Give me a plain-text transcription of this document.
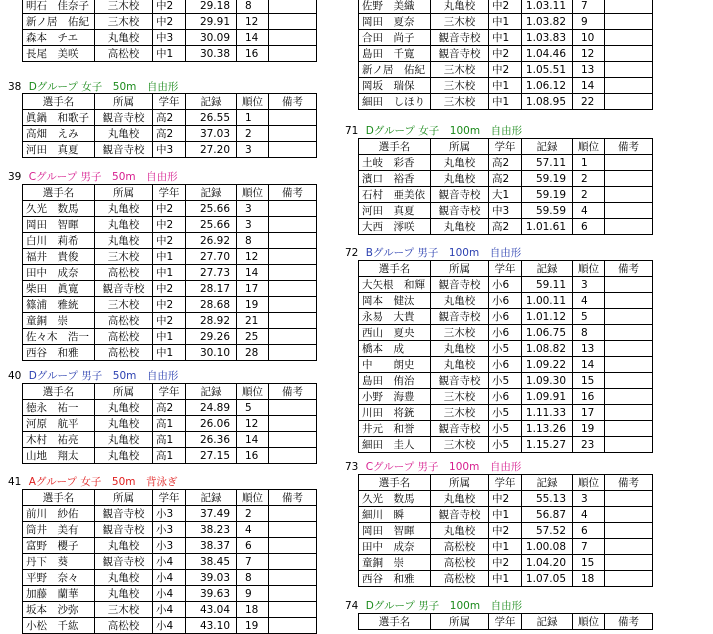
明石　佳奈子	三木校	中2	29.18	8	
新ノ居　佑紀	三木校	中2	29.91	12	
森本　チエ	丸亀校	中3	30.09	14	
長尾　美咲	高松校	中1	30.38	16	
38 Dグループ 女子　50m　自由形
選手名	所属	学年	記録	順位	備考
眞鍋　和歌子	観音寺校	高2	26.55	1	
高畑　えみ	丸亀校	高2	37.03	2	
河田　真夏	観音寺校	中3	27.20	3	
39 Cグループ 男子　50m　自由形
選手名	所属	学年	記録	順位	備考
久光　数馬	丸亀校	中2	25.66	3	
岡田　智暉	丸亀校	中2	25.66	3	
白川　莉希	丸亀校	中2	26.92	8	
福井　貴俊	三木校	中1	27.70	12	
田中　成奈	高松校	中1	27.73	14	
柴田　眞寛	観音寺校	中2	28.17	17	
篠浦　雅統	三木校	中2	28.68	19	
童銅　崇	高松校	中2	28.92	21	
佐々木　浩一	高松校	中1	29.26	25	
西谷　和雅	高松校	中1	30.10	28	
40 Dグループ 男子　50m　自由形
選手名	所属	学年	記録	順位	備考
徳永　祐一	丸亀校	高2	24.89	5	
河原　航平	丸亀校	高1	26.06	12	
木村　祐亮	丸亀校	高1	26.36	14	
山地　翔太	丸亀校	高1	27.15	16	
41 Aグループ 女子　50m　背泳ぎ
選手名	所属	学年	記録	順位	備考
前川　紗佑	観音寺校	小3	37.49	2	
筒井　美有	観音寺校	小3	38.23	4	
富野　櫻子	丸亀校	小3	38.37	6	
丹下　葵	観音寺校	小4	38.45	7	
平野　奈々	丸亀校	小4	39.03	8	
加藤　蘭華	丸亀校	小4	39.63	9	
坂本　沙弥	三木校	小4	43.04	18	
小松　千紘	高松校	小4	43.10	19	
佐野　美織	丸亀校	中2	1.03.11	7	
岡田　夏奈	三木校	中1	1.03.82	9	
合田　尚子	観音寺校	中1	1.03.83	10	
島田　千寛	観音寺校	中2	1.04.46	12	
新ノ居　佑紀	三木校	中2	1.05.51	13	
岡坂　瑞保	三木校	中1	1.06.12	14	
細田　しほり	三木校	中1	1.08.95	22	
71 Dグループ 女子　100m　自由形
選手名	所属	学年	記録	順位	備考
土岐　彩香	丸亀校	高2	57.11	1	
濱口　裕香	丸亀校	高2	59.19	2	
石村　亜美依	観音寺校	大1	59.19	2	
河田　真夏	観音寺校	中3	59.59	4	
大西　澪咲	丸亀校	高2	1.01.61	6	
72 Bグループ 男子　100m　自由形
選手名	所属	学年	記録	順位	備考
大矢根　和輝	観音寺校	小6	59.11	3	
岡本　健汰	丸亀校	小6	1.00.11	4	
永易　大貴	観音寺校	小6	1.01.12	5	
西山　夏央	三木校	小6	1.06.75	8	
橋本　成	丸亀校	小5	1.08.82	13	
中　　朗史	丸亀校	小6	1.09.22	14	
島田　侑治	観音寺校	小5	1.09.30	15	
小野　海豊	三木校	小6	1.09.91	16	
川田　将銃	三木校	小5	1.11.33	17	
井元　和誉	観音寺校	小5	1.13.26	19	
細田　圭人	三木校	小5	1.15.27	23	
73 Cグループ 男子　100m　自由形
選手名	所属	学年	記録	順位	備考
久光　数馬	丸亀校	中2	55.13	3	
細川　瞬	観音寺校	中1	56.87	4	
岡田　智暉	丸亀校	中2	57.52	6	
田中　成奈	高松校	中1	1.00.08	7	
童銅　崇	高松校	中2	1.04.20	15	
西谷　和雅	高松校	中1	1.07.05	18	
74 Dグループ 男子　100m　自由形
選手名	所属	学年	記録	順位	備考
